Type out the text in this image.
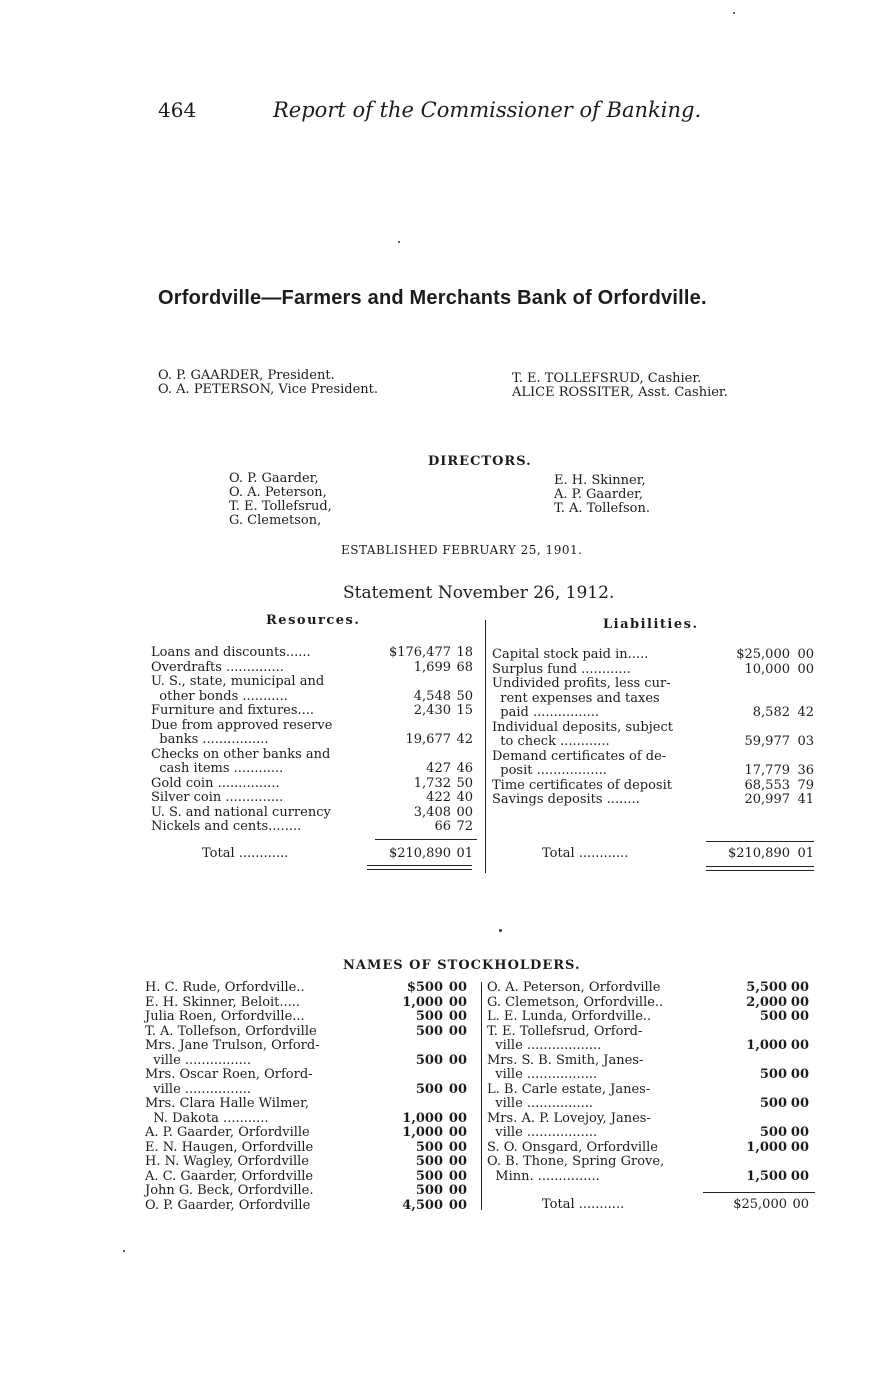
464	Report of the Commissioner of Banking.
Orfordville—Farmers and Merchants Bank of Orfordville.
O. P. GAARDER, President.
O. A. PETERSON, Vice President.
T. E. TOLLEFSRUD, Cashier.
ALICE ROSSITER, Asst. Cashier.
DIRECTORS.
O. P. Gaarder,
O. A. Peterson,
T. E. Tollefsrud,
G. Clemetson,
E. H. Skinner,
A. P. Gaarder,
T. A. Tollefson.
ESTABLISHED FEBRUARY 25, 1901.
Statement November 26, 1912.
Resources.	Liabilities.
Loans and discounts......	$176,477 18
Overdrafts ..............	1,699 68
U. S., state, municipal and
other bonds ...........	4,548 50
Furniture and fixtures....	2,430 15
Due from approved reserve
banks ................	19,677 42
Checks on other banks and
cash items ............	427 46
Gold coin ...............	1,732 50
Silver coin ..............	422 40
U. S. and national currency	3,408 00
Nickels and cents........	66 72
Total ............	$210,890 01
Capital stock paid in.....	$25,000 00
Surplus fund ............	10,000 00
Undivided profits, less cur-
rent expenses and taxes
paid ................	8,582 42
Individual deposits, subject
to check ............	59,977 03
Demand certificates of de-
posit .................	17,779 36
Time certificates of deposit	68,553 79
Savings deposits ........	20,997 41
Total ............	$210,890 01
NAMES OF STOCKHOLDERS.
H. C. Rude, Orfordville..	$500 00
E. H. Skinner, Beloit.....	1,000 00
Julia Roen, Orfordville...	500 00
T. A. Tollefson, Orfordville	500 00
Mrs. Jane Trulson, Orford-
ville ................	500 00
Mrs. Oscar Roen, Orford-
ville ................	500 00
Mrs. Clara Halle Wilmer,
N. Dakota ...........	1,000 00
A. P. Gaarder, Orfordville	1,000 00
E. N. Haugen, Orfordville	500 00
H. N. Wagley, Orfordville	500 00
A. C. Gaarder, Orfordville	500 00
John G. Beck, Orfordville.	500 00
O. P. Gaarder, Orfordville	4,500 00
O. A. Peterson, Orfordville	5,500 00
G. Clemetson, Orfordville..	2,000 00
L. E. Lunda, Orfordville..	500 00
T. E. Tollefsrud, Orford-
ville ..................	1,000 00
Mrs. S. B. Smith, Janes-
ville .................	500 00
L. B. Carle estate, Janes-
ville ................	500 00
Mrs. A. P. Lovejoy, Janes-
ville .................	500 00
S. O. Onsgard, Orfordville	1,000 00
O. B. Thone, Spring Grove,
Minn. ...............	1,500 00
Total ...........	$25,000 00
